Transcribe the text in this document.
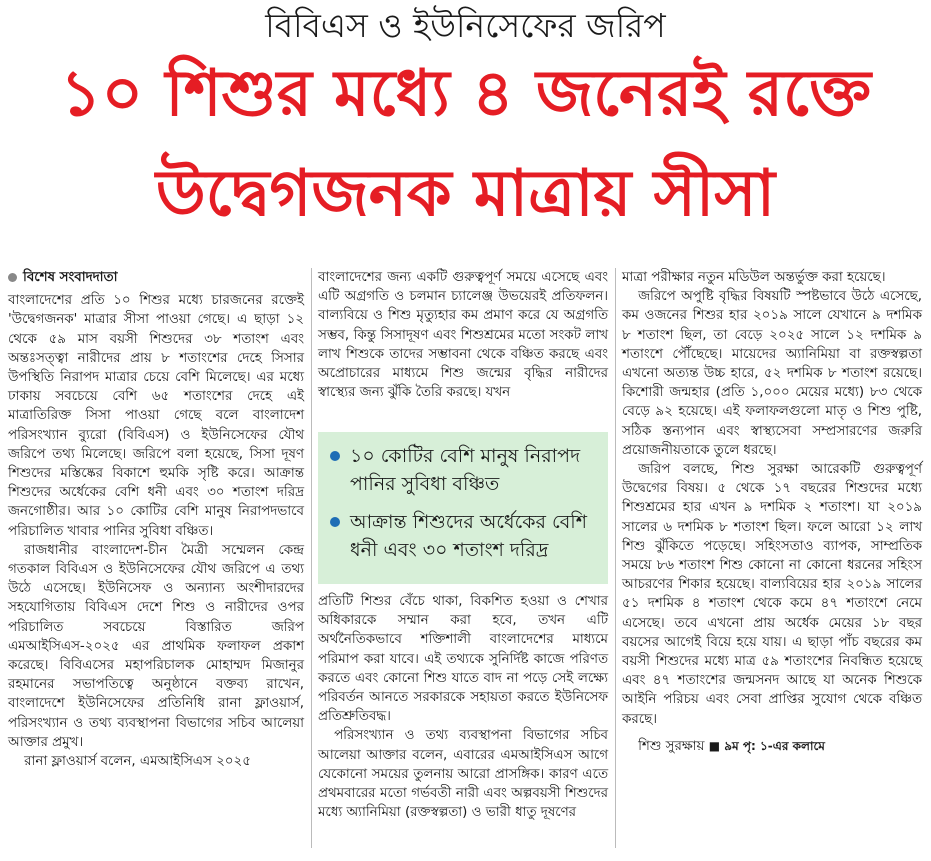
বিবিএস ও ইউনিসেফের জরিপ
১০ শিশুর মধ্যে ৪ জনেরই রক্তে
উদ্বেগজনক মাত্রায় সীসা
বিশেষ সংবাদদাতা

বাংলাদেশের প্রতি ১০ শিশুর মধ্যে চারজনের রক্তেই 'উদ্বেগজনক' মাত্রার সীসা পাওয়া গেছে। এ ছাড়া ১২ থেকে ৫৯ মাস বয়সী শিশুদের ৩৮ শতাংশ এবং অন্তঃসত্ত্বা নারীদের প্রায় ৮ শতাংশের দেহে সিসার উপস্থিতি নিরাপদ মাত্রার চেয়ে বেশি মিলেছে। এর মধ্যে ঢাকায় সবচেয়ে বেশি ৬৫ শতাংশের দেহে এই মাত্রাতিরিক্ত সিসা পাওয়া গেছে বলে বাংলাদেশ পরিসংখ্যান ব্যুরো (বিবিএস) ও ইউনিসেফের যৌথ জরিপে তথ্য মিলেছে। জরিপে বলা হয়েছে, সিসা দূষণ শিশুদের মস্তিষ্কের বিকাশে হুমকি সৃষ্টি করে। আক্রান্ত শিশুদের অর্ধেকের বেশি ধনী এবং ৩০ শতাংশ দরিদ্র জনগোষ্ঠীর। আর ১০ কোটির বেশি মানুষ নিরাপদভাবে পরিচালিত খাবার পানির সুবিধা বঞ্চিত।

রাজধানীর বাংলাদেশ-চীন মৈত্রী সম্মেলন কেন্দ্র গতকাল বিবিএস ও ইউনিসেফের যৌথ জরিপে এ তথ্য উঠে এসেছে। ইউনিসেফ ও অন্যান্য অংশীদারদের সহযোগিতায় বিবিএস দেশে শিশু ও নারীদের ওপর পরিচালিত সবচেয়ে বিস্তারিত জরিপ এমআইসিএস-২০২৫ এর প্রাথমিক ফলাফল প্রকাশ করেছে। বিবিএসের মহাপরিচালক মোহাম্মদ মিজানুর রহমানের সভাপতিত্বে অনুষ্ঠানে বক্তব্য রাখেন, বাংলাদেশে ইউনিসেফের প্রতিনিধি রানা ফ্লাওয়ার্স, পরিসংখ্যান ও তথ্য ব্যবস্থাপনা বিভাগের সচিব আলেয়া আক্তার প্রমুখ।

রানা ফ্লাওয়ার্স বলেন, এমআইসিএস ২০২৫

বাংলাদেশের জন্য একটি গুরুত্বপূর্ণ সময়ে এসেছে এবং এটি অগ্রগতি ও চলমান চ্যালেঞ্জ উভয়েরই প্রতিফলন। বাল্যবিয়ে ও শিশু মৃত্যুহার কম প্রমাণ করে যে অগ্রগতি সম্ভব, কিন্তু সিসাদূষণ এবং শিশুশ্রমের মতো সংকট লাখ লাখ শিশুকে তাদের সম্ভাবনা থেকে বঞ্চিত করছে এবং অপ্রোচারের মাধ্যমে শিশু জন্মের বৃদ্ধির নারীদের স্বাস্থ্যের জন্য ঝুঁকি তৈরি করছে। যখন

১০ কোটির বেশি মানুষ নিরাপদ পানির সুবিধা বঞ্চিত
আক্রান্ত শিশুদের অর্ধেকের বেশি ধনী এবং ৩০ শতাংশ দরিদ্র

প্রতিটি শিশুর বেঁচে থাকা, বিকশিত হওয়া ও শেখার অধিকারকে সম্মান করা হবে, তখন এটি অর্থনৈতিকভাবে শক্তিশালী বাংলাদেশের মাধ্যমে পরিমাপ করা যাবে। এই তথ্যকে সুনির্দিষ্ট কাজে পরিণত করতে এবং কোনো শিশু যাতে বাদ না পড়ে সেই লক্ষ্যে পরিবর্তন আনতে সরকারকে সহায়তা করতে ইউনিসেফ প্রতিশ্রুতিবদ্ধ।

পরিসংখ্যান ও তথ্য ব্যবস্থাপনা বিভাগের সচিব আলেয়া আক্তার বলেন, এবারের এমআইসিএস আগে যেকোনো সময়ের তুলনায় আরো প্রাসঙ্গিক। কারণ এতে প্রথমবারের মতো গর্ভবতী নারী এবং অল্পবয়সী শিশুদের মধ্যে অ্যানিমিয়া (রক্তস্বল্পতা) ও ভারী ধাতু দূষণের

মাত্রা পরীক্ষার নতুন মডিউল অন্তর্ভুক্ত করা হয়েছে।

জরিপে অপুষ্টি বৃদ্ধির বিষয়টি স্পষ্টভাবে উঠে এসেছে, কম ওজনের শিশুর হার ২০১৯ সালে যেখানে ৯ দশমিক ৮ শতাংশ ছিল, তা বেড়ে ২০২৫ সালে ১২ দশমিক ৯ শতাংশে পৌঁছেছে। মায়েদের অ্যানিমিয়া বা রক্তস্বল্পতা এখনো অত্যন্ত উচ্চ হারে, ৫২ দশমিক ৮ শতাংশ রয়েছে। কিশোরী জন্মহার (প্রতি ১,০০০ মেয়ের মধ্যে) ৮৩ থেকে বেড়ে ৯২ হয়েছে। এই ফলাফলগুলো মাতৃ ও শিশু পুষ্টি, সঠিক স্তন্যপান এবং স্বাস্থ্যসেবা সম্প্রসারণের জরুরি প্রয়োজনীয়তাকে তুলে ধরছে।

জরিপ বলছে, শিশু সুরক্ষা আরেকটি গুরুত্বপূর্ণ উদ্বেগের বিষয়। ৫ থেকে ১৭ বছরের শিশুদের মধ্যে শিশুশ্রমের হার এখন ৯ দশমিক ২ শতাংশ। যা ২০১৯ সালের ৬ দশমিক ৮ শতাংশ ছিল। ফলে আরো ১২ লাখ শিশু ঝুঁকিতে পড়েছে। সহিংসতাও ব্যাপক, সাম্প্রতিক সময়ে ৮৬ শতাংশ শিশু কোনো না কোনো ধরনের সহিংস আচরণের শিকার হয়েছে। বাল্যবিয়ের হার ২০১৯ সালের ৫১ দশমিক ৪ শতাংশ থেকে কমে ৪৭ শতাংশে নেমে এসেছে। তবে এখনো প্রায় অর্ধেক মেয়ের ১৮ বছর বয়সের আগেই বিয়ে হয়ে যায়। এ ছাড়া পাঁচ বছরের কম বয়সী শিশুদের মধ্যে মাত্র ৫৯ শতাংশের নিবন্ধিত হয়েছে এবং ৪৭ শতাংশের জন্মসনদ আছে যা অনেক শিশুকে আইনি পরিচয় এবং সেবা প্রাপ্তির সুযোগ থেকে বঞ্চিত করছে।

শিশু সুরক্ষায় ■ ৯ম পৃ: ১-এর কলামে
